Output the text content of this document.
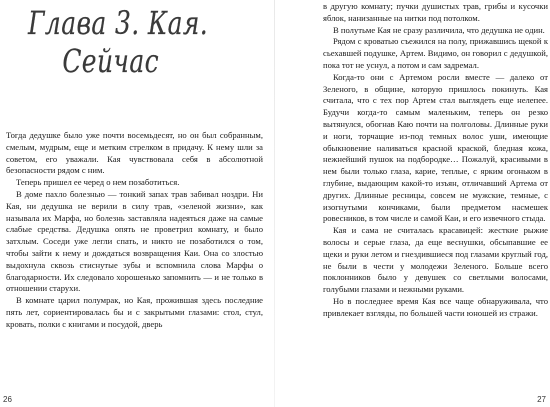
Глава 3. Кая.
Сейчас

Тогда дедушке было уже почти восемьдесят, но он был собранным, смелым, мудрым, еще и метким стрелком в придачу. К нему шли за советом, его уважали. Кая чувствовала себя в абсолютной безопасности рядом с ним.

Теперь пришел ее черед о нем позаботиться.

В доме пахло болезнью — тонкий запах трав забивал ноздри. Ни Кая, ни дедушка не верили в силу трав, «зеленой жизни», как называла их Марфа, но болезнь заставляла надеяться даже на самые слабые средства. Дедушка опять не проветрил комнату, и было затхлым. Соседи уже легли спать, и никто не позаботился о том, чтобы зайти к нему и дождаться возвращения Каи. Она со злостью выдохнула сквозь стиснутые зубы и вспомнила слова Марфы о благодарности. Их следовало хорошенько запомнить — и не только в отношении старухи.

В комнате царил полумрак, но Кая, прожившая здесь последние пять лет, сориентировалась бы и с закрытыми глазами: стол, стул, кровать, полки с книгами и посудой, дверь

26

в другую комнату; пучки душистых трав, грибы и кусочки яблок, нанизанные на нитки под потолком.

В полутьме Кая не сразу различила, что дедушка не один.

Рядом с кроватью съежился на полу, прижавшись щекой к сьехавшей подушке, Артем. Видимо, он говорил с дедушкой, пока тот не уснул, а потом и сам задремал.

Когда-то они с Артемом росли вместе — далеко от Зеленого, в общине, которую пришлось покинуть. Кая считала, что с тех пор Артем стал выглядеть еще нелепее. Будучи когда-то самым маленьким, теперь он резко вытянулся, обогнав Каю почти на полголовы. Длинные руки и ноги, торчащие из-под темных волос уши, имеющие обыкновение наливаться красной краской, бледная кожа, нежнейший пушок на подбородке… Пожалуй, красивыми в нем были только глаза, карие, теплые, с ярким огоньком в глубине, выдающим какой-то изъян, отличавший Артема от других. Длинные ресницы, совсем не мужские, темные, с изогнутыми кончиками, были предметом насмешек ровесников, в том числе и самой Каи, и его извечного стыда.

Кая и сама не считалась красавицей: жесткие рыжие волосы и серые глаза, да еще веснушки, обсыпавшие ее щеки и руки летом и гнездившиеся под глазами круглый год, не были в чести у молодежи Зеленого. Больше всего поклонников было у девушек со светлыми волосами, голубыми глазами и нежными руками.

Но в последнее время Кая все чаще обнаруживала, что привлекает взгляды, по большей части юношей из стражи.

27
